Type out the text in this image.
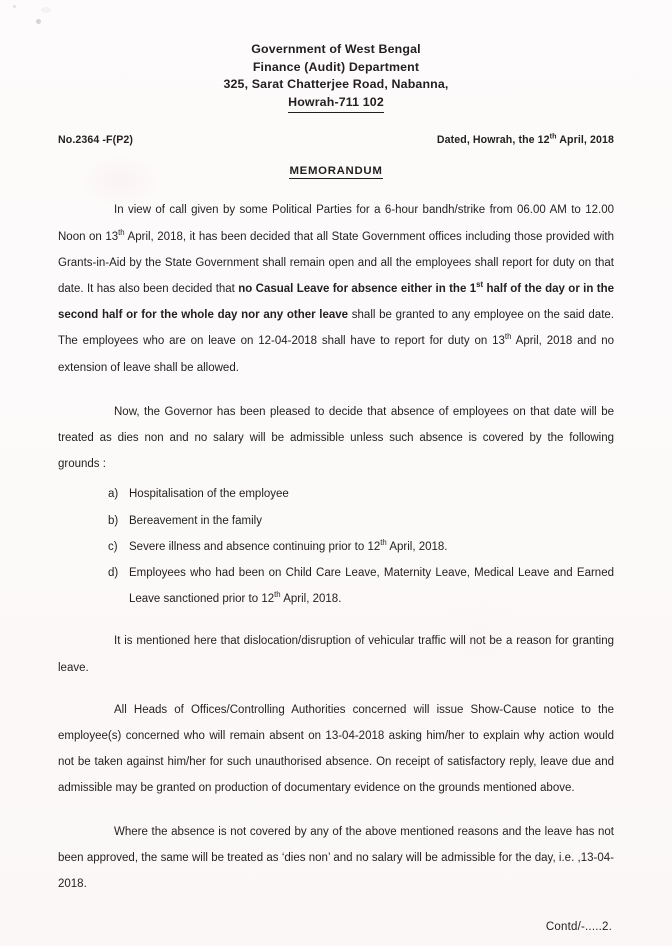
Government of West Bengal
Finance (Audit) Department
325, Sarat Chatterjee Road, Nabanna,
Howrah-711 102
No.2364 -F(P2)	Dated, Howrah, the 12th April, 2018
MEMORANDUM

In view of call given by some Political Parties for a 6-hour bandh/strike from 06.00 AM to 12.00 Noon on 13th April, 2018, it has been decided that all State Government offices including those provided with Grants-in-Aid by the State Government shall remain open and all the employees shall report for duty on that date. It has also been decided that no Casual Leave for absence either in the 1st half of the day or in the second half or for the whole day nor any other leave shall be granted to any employee on the said date. The employees who are on leave on 12-04-2018 shall have to report for duty on 13th April, 2018 and no extension of leave shall be allowed.

Now, the Governor has been pleased to decide that absence of employees on that date will be treated as dies non and no salary will be admissible unless such absence is covered by the following grounds :

a) Hospitalisation of the employee
b) Bereavement in the family
c) Severe illness and absence continuing prior to 12th April, 2018.
d) Employees who had been on Child Care Leave, Maternity Leave, Medical Leave and Earned Leave sanctioned prior to 12th April, 2018.

It is mentioned here that dislocation/disruption of vehicular traffic will not be a reason for granting leave.

All Heads of Offices/Controlling Authorities concerned will issue Show-Cause notice to the employee(s) concerned who will remain absent on 13-04-2018 asking him/her to explain why action would not be taken against him/her for such unauthorised absence. On receipt of satisfactory reply, leave due and admissible may be granted on production of documentary evidence on the grounds mentioned above.

Where the absence is not covered by any of the above mentioned reasons and the leave has not been approved, the same will be treated as ‘dies non’ and no salary will be admissible for the day, i.e. ,13-04-2018.

Contd/-.....2.
